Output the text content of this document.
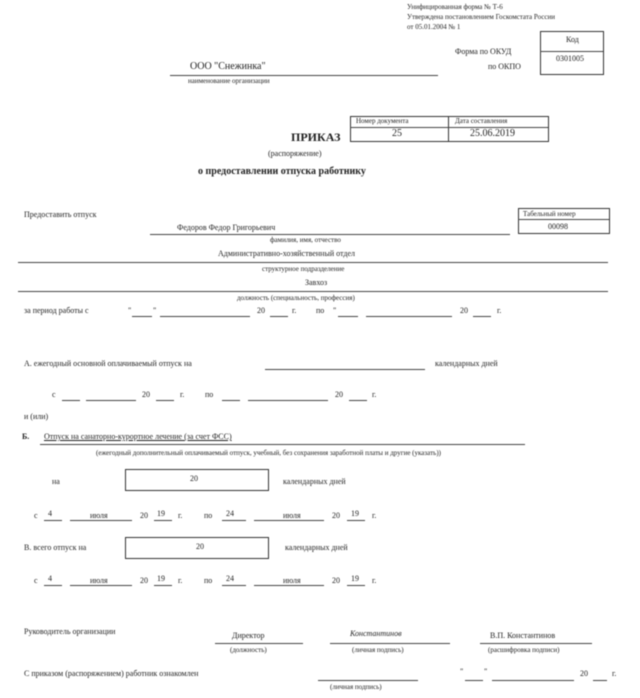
Унифицированная форма № Т-6
Утверждена постановлением Госкомстата России
от 05.01.2004 № 1
Код
Форма по ОКУД
0301005
по ОКПО
ООО "Снежинка"
наименование организации
Номер документа	Дата составления
25	25.06.2019
ПРИКАЗ
(распоряжение)
о предоставлении отпуска работнику
Предоставить отпуск	Табельный номер
00098
Федоров Федор Григорьевич
фамилия, имя, отчество
Административно-хозяйственный отдел
структурное подразделение
Завхоз
должность (специальность, профессия)
за период работы с	"	"	20	г. по "	20	г.
А. ежегодный основной оплачиваемый отпуск на	календарных дней
с	20	г.	по	20	г.
и (или)
Б. Отпуск на санаторно-курортное лечение (за счет ФСС)
(ежегодный дополнительный оплачиваемый отпуск, учебный, без сохранения заработной платы и другие (указать))
на	20	календарных дней
с 4	июля	20 19 г.	по 24	июля	20 19 г.
В. всего отпуск на	20	календарных дней
с 4	июля	20 19 г.	по 24	июля	20 19 г.
Руководитель организации	Директор
(должность)
Константинов
(личная подпись)
В.П. Константинов
(расшифровка подписи)
С приказом (распоряжением) работник ознакомлен
(личная подпись)
"	"	20	г.
